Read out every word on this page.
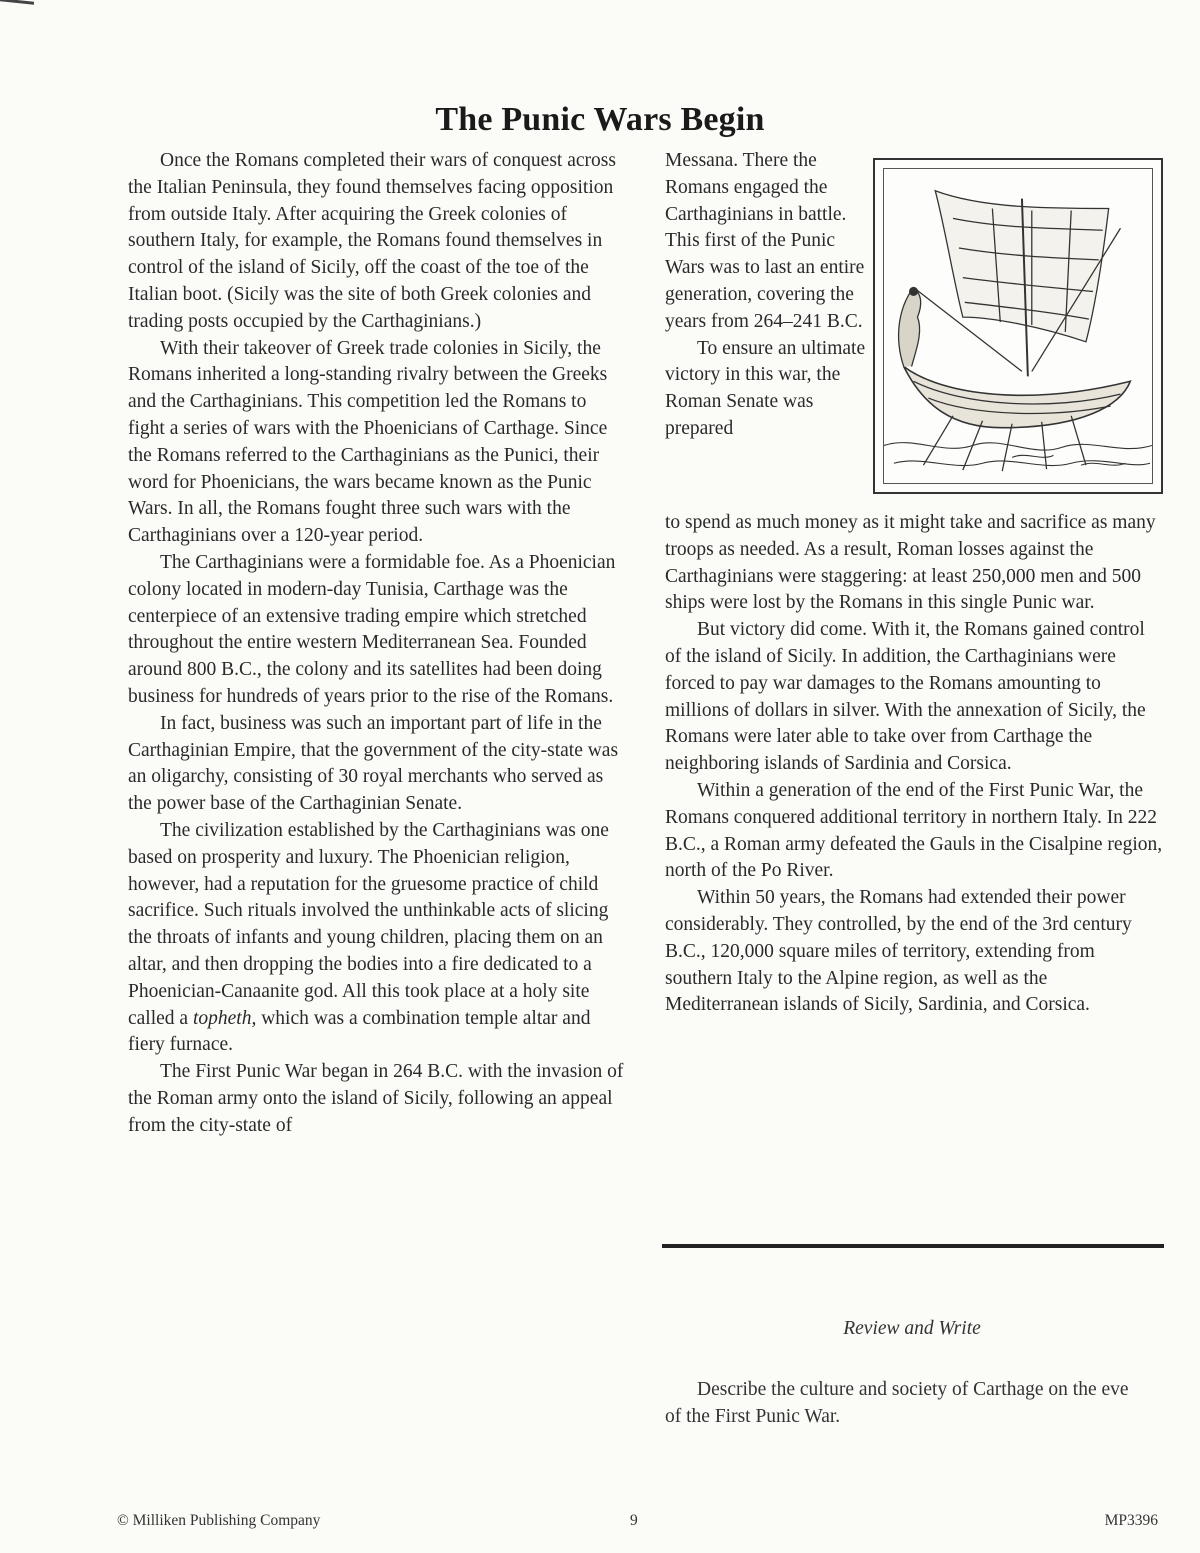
The Punic Wars Begin

Once the Romans completed their wars of conquest across the Italian Peninsula, they found themselves facing opposition from outside Italy. After acquiring the Greek colonies of southern Italy, for example, the Romans found themselves in control of the island of Sicily, off the coast of the toe of the Italian boot. (Sicily was the site of both Greek colonies and trading posts occupied by the Carthaginians.)

With their takeover of Greek trade colonies in Sicily, the Romans inherited a long-standing rivalry between the Greeks and the Carthaginians. This competition led the Romans to fight a series of wars with the Phoenicians of Carthage. Since the Romans referred to the Carthaginians as the Punici, their word for Phoenicians, the wars became known as the Punic Wars. In all, the Romans fought three such wars with the Carthaginians over a 120-year period.

The Carthaginians were a formidable foe. As a Phoenician colony located in modern-day Tunisia, Carthage was the centerpiece of an extensive trading empire which stretched throughout the entire western Mediterranean Sea. Founded around 800 B.C., the colony and its satellites had been doing business for hundreds of years prior to the rise of the Romans.

In fact, business was such an important part of life in the Carthaginian Empire, that the government of the city-state was an oligarchy, consisting of 30 royal merchants who served as the power base of the Carthaginian Senate.

The civilization established by the Carthaginians was one based on prosperity and luxury. The Phoenician religion, however, had a reputation for the gruesome practice of child sacrifice. Such rituals involved the unthinkable acts of slicing the throats of infants and young children, placing them on an altar, and then dropping the bodies into a fire dedicated to a Phoenician-Canaanite god. All this took place at a holy site called a topheth, which was a combination temple altar and fiery furnace.

The First Punic War began in 264 B.C. with the invasion of the Roman army onto the island of Sicily, following an appeal from the city-state of

Messana. There the Romans engaged the Carthaginians in battle. This first of the Punic Wars was to last an entire generation, covering the years from 264–241 B.C.

To ensure an ultimate victory in this war, the Roman Senate was prepared

to spend as much money as it might take and sacrifice as many troops as needed. As a result, Roman losses against the Carthaginians were staggering: at least 250,000 men and 500 ships were lost by the Romans in this single Punic war.

But victory did come. With it, the Romans gained control of the island of Sicily. In addition, the Carthaginians were forced to pay war damages to the Romans amounting to millions of dollars in silver. With the annexation of Sicily, the Romans were later able to take over from Carthage the neighboring islands of Sardinia and Corsica.

Within a generation of the end of the First Punic War, the Romans conquered additional territory in northern Italy. In 222 B.C., a Roman army defeated the Gauls in the Cisalpine region, north of the Po River.

Within 50 years, the Romans had extended their power considerably. They controlled, by the end of the 3rd century B.C., 120,000 square miles of territory, extending from southern Italy to the Alpine region, as well as the Mediterranean islands of Sicily, Sardinia, and Corsica.

Review and Write
Describe the culture and society of Carthage on the eve of the First Punic War.
© Milliken Publishing Company	9	MP3396
